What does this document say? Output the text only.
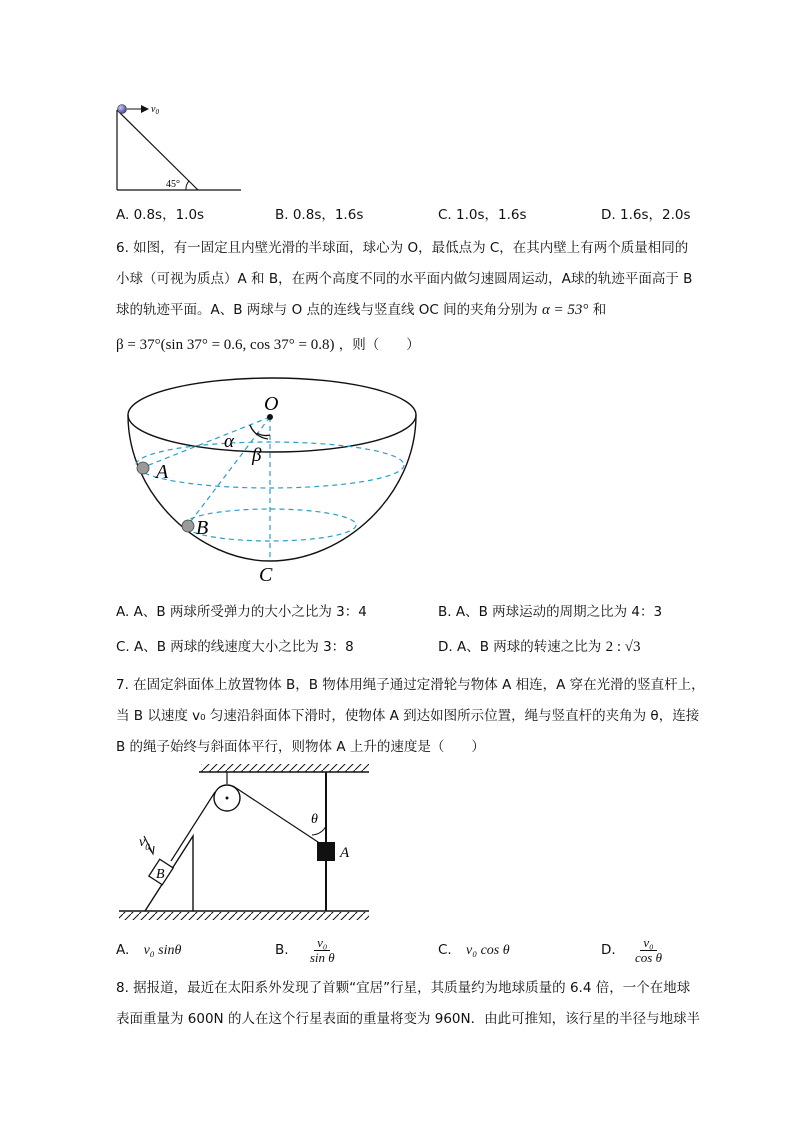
$v_0$
45°
A. 0.8s，1.0s	B. 0.8s，1.6s	C. 1.0s，1.6s	D. 1.6s，2.0s
6. 如图，有一固定且内壁光滑的半球面，球心为 O，最低点为 C，在其内壁上有两个质量相同的
小球（可视为质点）A 和 B，在两个高度不同的水平面内做匀速圆周运动，A球的轨迹平面高于 B
球的轨迹平面。A、B 两球与 O 点的连线与竖直线 OC 间的夹角分别为 α = 53° 和
β = 37°(sin 37° = 0.6, cos 37° = 0.8) ，则（　　）
O
A
B
C
α
β
A. A、B 两球所受弹力的大小之比为 3：4	B. A、B 两球运动的周期之比为 4：3
C. A、B 两球的线速度大小之比为 3：8	D. A、B 两球的转速之比为 2 : √3
7. 在固定斜面体上放置物体 B，B 物体用绳子通过定滑轮与物体 A 相连，A 穿在光滑的竖直杆上，
当 B 以速度 v₀ 匀速沿斜面体下滑时，使物体 A 到达如图所示位置，绳与竖直杆的夹角为 θ，连接
B 的绳子始终与斜面体平行，则物体 A 上升的速度是（　　）
B
A
θ
$v_0$
A. v₀ sinθ	B. $\frac{\text{v₀}}{\text{sin θ}}$	C. v₀ cos θ	D. $\frac{\text{v₀}}{\text{cos θ}}$
8. 据报道，最近在太阳系外发现了首颗“宜居”行星，其质量约为地球质量的 6.4 倍，一个在地球
表面重量为 600N 的人在这个行星表面的重量将变为 960N．由此可推知，该行星的半径与地球半
